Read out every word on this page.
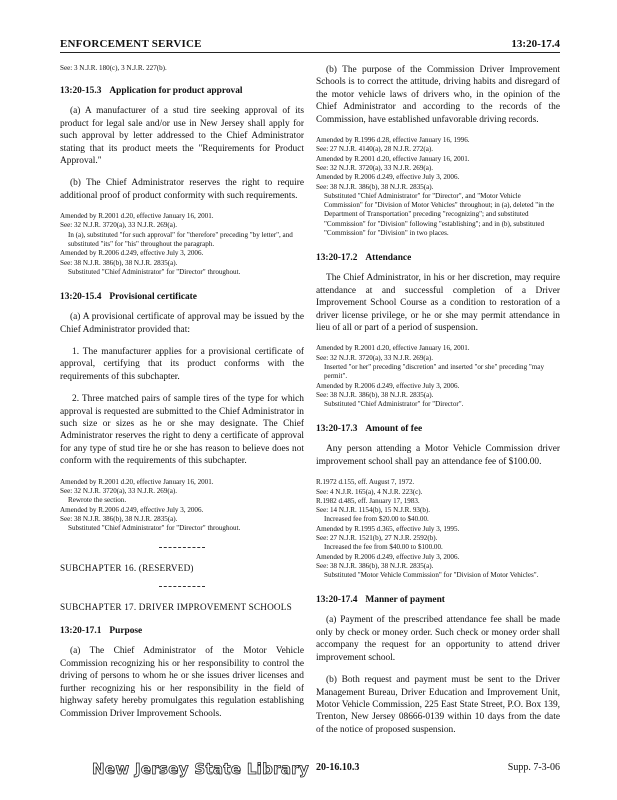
ENFORCEMENT SERVICE	13:20-17.4
See: 3 N.J.R. 180(c), 3 N.J.R. 227(b).
13:20-15.3 Application for product approval
(a) A manufacturer of a stud tire seeking approval of its product for legal sale and/or use in New Jersey shall apply for such approval by letter addressed to the Chief Administrator stating that its product meets the "Requirements for Product Approval."
(b) The Chief Administrator reserves the right to require additional proof of product conformity with such requirements.
Amended by R.2001 d.20, effective January 16, 2001.
See: 32 N.J.R. 3720(a), 33 N.J.R. 269(a).
In (a), substituted "for such approval" for "therefore" preceding "by letter", and substituted "its" for "his" throughout the paragraph.
Amended by R.2006 d.249, effective July 3, 2006.
See: 38 N.J.R. 386(b), 38 N.J.R. 2835(a).
Substituted "Chief Administrator" for "Director" throughout.
13:20-15.4 Provisional certificate
(a) A provisional certificate of approval may be issued by the Chief Administrator provided that:
1. The manufacturer applies for a provisional certificate of approval, certifying that its product conforms with the requirements of this subchapter.
2. Three matched pairs of sample tires of the type for which approval is requested are submitted to the Chief Administrator in such size or sizes as he or she may designate. The Chief Administrator reserves the right to deny a certificate of approval for any type of stud tire he or she has reason to believe does not conform with the requirements of this subchapter.
Amended by R.2001 d.20, effective January 16, 2001.
See: 32 N.J.R. 3720(a), 33 N.J.R. 269(a).
Rewrote the section.
Amended by R.2006 d.249, effective July 3, 2006.
See: 38 N.J.R. 386(b), 38 N.J.R. 2835(a).
Substituted "Chief Administrator" for "Director" throughout.
SUBCHAPTER 16. (RESERVED)
SUBCHAPTER 17. DRIVER IMPROVEMENT SCHOOLS
13:20-17.1 Purpose
(a) The Chief Administrator of the Motor Vehicle Commission recognizing his or her responsibility to control the driving of persons to whom he or she issues driver licenses and further recognizing his or her responsibility in the field of highway safety hereby promulgates this regulation establishing Commission Driver Improvement Schools.
(b) The purpose of the Commission Driver Improvement Schools is to correct the attitude, driving habits and disregard of the motor vehicle laws of drivers who, in the opinion of the Chief Administrator and according to the records of the Commission, have established unfavorable driving records.
Amended by R.1996 d.28, effective January 16, 1996.
See: 27 N.J.R. 4140(a), 28 N.J.R. 272(a).
Amended by R.2001 d.20, effective January 16, 2001.
See: 32 N.J.R. 3720(a), 33 N.J.R. 269(a).
Amended by R.2006 d.249, effective July 3, 2006.
See: 38 N.J.R. 386(b), 38 N.J.R. 2835(a).
Substituted "Chief Administrator" for "Director", and "Motor Vehicle Commission" for "Division of Motor Vehicles" throughout; in (a), deleted "in the Department of Transportation" preceding "recognizing"; and substituted "Commission" for "Division" following "establishing"; and in (b), substituted "Commission" for "Division" in two places.
13:20-17.2 Attendance
The Chief Administrator, in his or her discretion, may require attendance at and successful completion of a Driver Improvement School Course as a condition to restoration of a driver license privilege, or he or she may permit attendance in lieu of all or part of a period of suspension.
Amended by R.2001 d.20, effective January 16, 2001.
See: 32 N.J.R. 3720(a), 33 N.J.R. 269(a).
Inserted "or her" preceding "discretion" and inserted "or she" preceding "may permit".
Amended by R.2006 d.249, effective July 3, 2006.
See: 38 N.J.R. 386(b), 38 N.J.R. 2835(a).
Substituted "Chief Administrator" for "Director".
13:20-17.3 Amount of fee
Any person attending a Motor Vehicle Commission driver improvement school shall pay an attendance fee of $100.00.
R.1972 d.155, eff. August 7, 1972.
See: 4 N.J.R. 165(a), 4 N.J.R. 223(c).
R.1982 d.485, eff. January 17, 1983.
See: 14 N.J.R. 1154(b), 15 N.J.R. 93(b).
Increased fee from $20.00 to $40.00.
Amended by R.1995 d.365, effective July 3, 1995.
See: 27 N.J.R. 1521(b), 27 N.J.R. 2592(b).
Increased the fee from $40.00 to $100.00.
Amended by R.2006 d.249, effective July 3, 2006.
See: 38 N.J.R. 386(b), 38 N.J.R. 2835(a).
Substituted "Motor Vehicle Commission" for "Division of Motor Vehicles".
13:20-17.4 Manner of payment
(a) Payment of the prescribed attendance fee shall be made only by check or money order. Such check or money order shall accompany the request for an opportunity to attend driver improvement school.
(b) Both request and payment must be sent to the Driver Management Bureau, Driver Education and Improvement Unit, Motor Vehicle Commission, 225 East State Street, P.O. Box 139, Trenton, New Jersey 08666-0139 within 10 days from the date of the notice of proposed suspension.
New Jersey State Library 20-16.10.3	Supp. 7-3-06
